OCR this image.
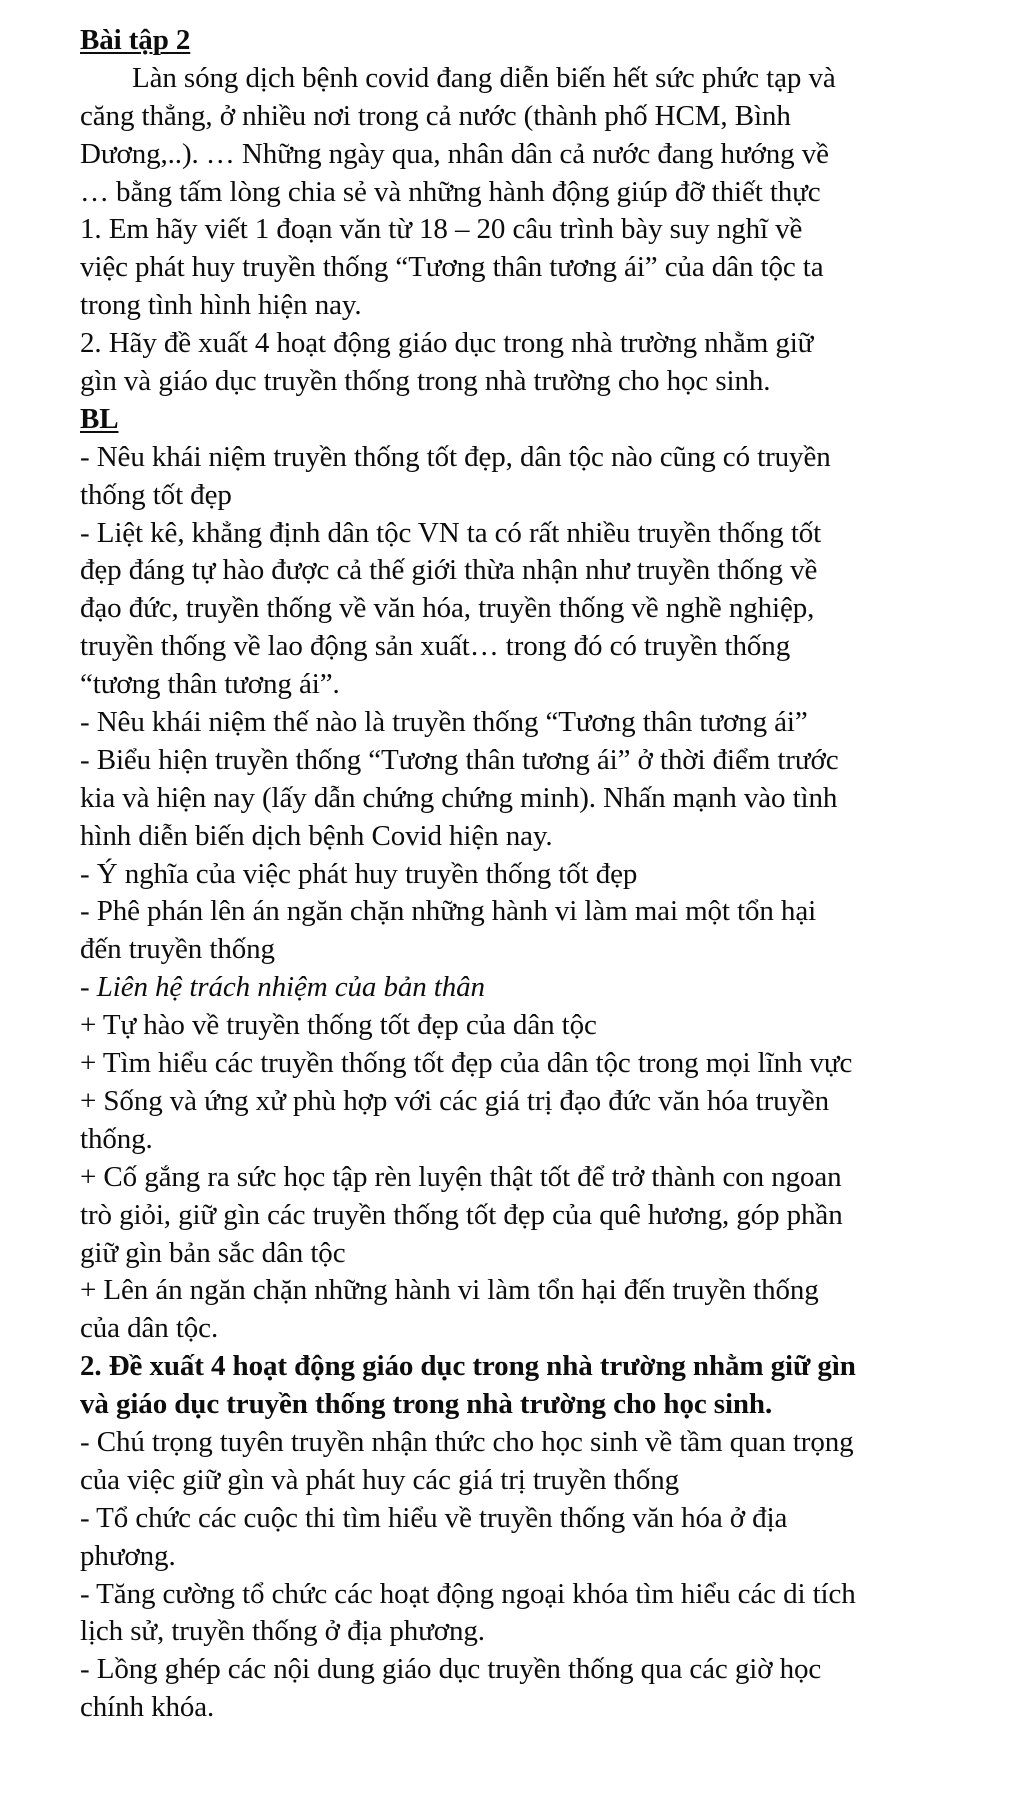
Bài tập 2
Làn sóng dịch bệnh covid đang diễn biến hết sức phức tạp và
căng thẳng, ở nhiều nơi trong cả nước (thành phố HCM, Bình
Dương,..). … Những ngày qua, nhân dân cả nước đang hướng về
… bằng tấm lòng chia sẻ và những hành động giúp đỡ thiết thực
1. Em hãy viết 1 đoạn văn từ 18 – 20 câu trình bày suy nghĩ về
việc phát huy truyền thống “Tương thân tương ái” của dân tộc ta
trong tình hình hiện nay.
2. Hãy đề xuất 4 hoạt động giáo dục trong nhà trường nhằm giữ
gìn và giáo dục truyền thống trong nhà trường cho học sinh.
BL
- Nêu khái niệm truyền thống tốt đẹp, dân tộc nào cũng có truyền
thống tốt đẹp
- Liệt kê, khẳng định dân tộc VN ta có rất nhiều truyền thống tốt
đẹp đáng tự hào được cả thế giới thừa nhận như truyền thống về
đạo đức, truyền thống về văn hóa, truyền thống về nghề nghiệp,
truyền thống về lao động sản xuất… trong đó có truyền thống
“tương thân tương ái”.
- Nêu khái niệm thế nào là truyền thống “Tương thân tương ái”
- Biểu hiện truyền thống “Tương thân tương ái” ở thời điểm trước
kia và hiện nay (lấy dẫn chứng chứng minh). Nhấn mạnh vào tình
hình diễn biến dịch bệnh Covid hiện nay.
- Ý nghĩa của việc phát huy truyền thống tốt đẹp
- Phê phán lên án ngăn chặn những hành vi làm mai một tổn hại
đến truyền thống
- Liên hệ trách nhiệm của bản thân
+ Tự hào về truyền thống tốt đẹp của dân tộc
+ Tìm hiểu các truyền thống tốt đẹp của dân tộc trong mọi lĩnh vực
+ Sống và ứng xử phù hợp với các giá trị đạo đức văn hóa truyền
thống.
+ Cố gắng ra sức học tập rèn luyện thật tốt để trở thành con ngoan
trò giỏi, giữ gìn các truyền thống tốt đẹp của quê hương, góp phần
giữ gìn bản sắc dân tộc
+ Lên án ngăn chặn những hành vi làm tổn hại đến truyền thống
của dân tộc.
2. Đề xuất 4 hoạt động giáo dục trong nhà trường nhằm giữ gìn
và giáo dục truyền thống trong nhà trường cho học sinh.
- Chú trọng tuyên truyền nhận thức cho học sinh về tầm quan trọng
của việc giữ gìn và phát huy các giá trị truyền thống
- Tổ chức các cuộc thi tìm hiểu về truyền thống văn hóa ở địa
phương.
- Tăng cường tổ chức các hoạt động ngoại khóa tìm hiểu các di tích
lịch sử, truyền thống ở địa phương.
- Lồng ghép các nội dung giáo dục truyền thống qua các giờ học
chính khóa.
